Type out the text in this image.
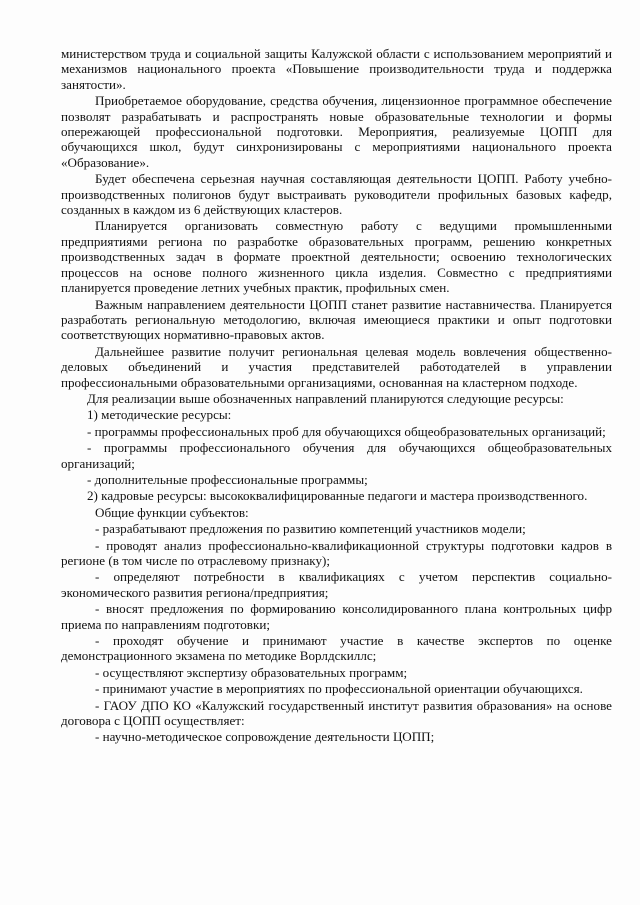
министерством труда и социальной защиты Калужской области с использованием мероприятий и механизмов национального проекта «Повышение производительности труда и поддержка занятости».

Приобретаемое оборудование, средства обучения, лицензионное программное обеспечение позволят разрабатывать и распространять новые образовательные технологии и формы опережающей профессиональной подготовки. Мероприятия, реализуемые ЦОПП для обучающихся школ, будут синхронизированы с мероприятиями национального проекта «Образование».

Будет обеспечена серьезная научная составляющая деятельности ЦОПП. Работу учебно-производственных полигонов будут выстраивать руководители профильных базовых кафедр, созданных в каждом из 6 действующих кластеров.

Планируется организовать совместную работу с ведущими промышленными предприятиями региона по разработке образовательных программ, решению конкретных производственных задач в формате проектной деятельности; освоению технологических процессов на основе полного жизненного цикла изделия. Совместно с предприятиями планируется проведение летних учебных практик, профильных смен.

Важным направлением деятельности ЦОПП станет развитие наставничества. Планируется разработать региональную методологию, включая имеющиеся практики и опыт подготовки соответствующих нормативно-правовых актов.

Дальнейшее развитие получит региональная целевая модель вовлечения общественно-деловых объединений и участия представителей работодателей в управлении профессиональными образовательными организациями, основанная на кластерном подходе.

Для реализации выше обозначенных направлений планируются следующие ресурсы:

1) методические ресурсы:

- программы профессиональных проб для обучающихся общеобразовательных организаций;

- программы профессионального обучения для обучающихся общеобразовательных организаций;

- дополнительные профессиональные программы;

2) кадровые ресурсы: высококвалифицированные педагоги и мастера производственного.

Общие функции субъектов:

- разрабатывают предложения по развитию компетенций участников модели;

- проводят анализ профессионально-квалификационной структуры подготовки кадров в регионе (в том числе по отраслевому признаку);

- определяют потребности в квалификациях с учетом перспектив социально-экономического развития региона/предприятия;

- вносят предложения по формированию консолидированного плана контрольных цифр приема по направлениям подготовки;

- проходят обучение и принимают участие в качестве экспертов по оценке демонстрационного экзамена по методике Ворлдскиллс;

- осуществляют экспертизу образовательных программ;

- принимают участие в мероприятиях по профессиональной ориентации обучающихся.

- ГАОУ ДПО КО «Калужский государственный институт развития образования» на основе договора с ЦОПП осуществляет:

- научно-методическое сопровождение деятельности ЦОПП;
